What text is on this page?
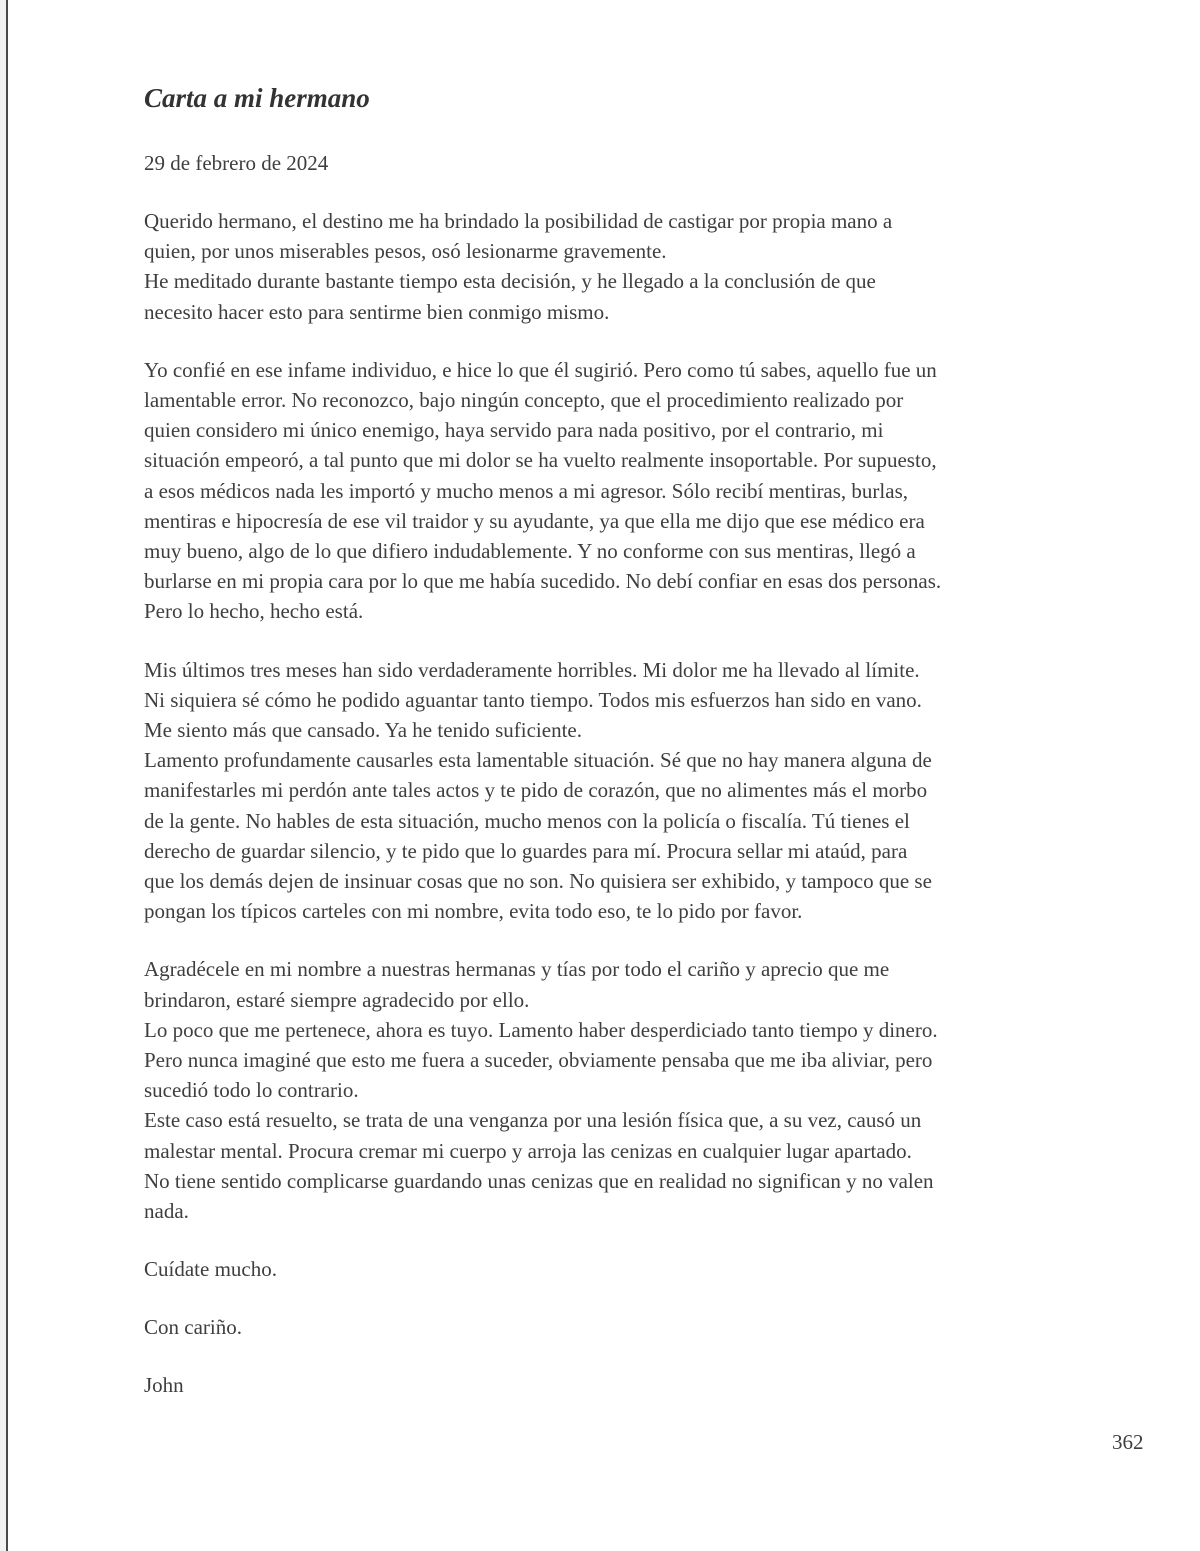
Carta a mi hermano
29 de febrero de 2024
Querido hermano, el destino me ha brindado la posibilidad de castigar por propia mano a
quien, por unos miserables pesos, osó lesionarme gravemente.
He meditado durante bastante tiempo esta decisión, y he llegado a la conclusión de que
necesito hacer esto para sentirme bien conmigo mismo.
Yo confié en ese infame individuo, e hice lo que él sugirió. Pero como tú sabes, aquello fue un
lamentable error. No reconozco, bajo ningún concepto, que el procedimiento realizado por
quien considero mi único enemigo, haya servido para nada positivo, por el contrario, mi
situación empeoró, a tal punto que mi dolor se ha vuelto realmente insoportable. Por supuesto,
a esos médicos nada les importó y mucho menos a mi agresor. Sólo recibí mentiras, burlas,
mentiras e hipocresía de ese vil traidor y su ayudante, ya que ella me dijo que ese médico era
muy bueno, algo de lo que difiero indudablemente. Y no conforme con sus mentiras, llegó a
burlarse en mi propia cara por lo que me había sucedido. No debí confiar en esas dos personas.
Pero lo hecho, hecho está.
Mis últimos tres meses han sido verdaderamente horribles. Mi dolor me ha llevado al límite.
Ni siquiera sé cómo he podido aguantar tanto tiempo. Todos mis esfuerzos han sido en vano.
Me siento más que cansado. Ya he tenido suficiente.
Lamento profundamente causarles esta lamentable situación. Sé que no hay manera alguna de
manifestarles mi perdón ante tales actos y te pido de corazón, que no alimentes más el morbo
de la gente. No hables de esta situación, mucho menos con la policía o fiscalía. Tú tienes el
derecho de guardar silencio, y te pido que lo guardes para mí. Procura sellar mi ataúd, para
que los demás dejen de insinuar cosas que no son. No quisiera ser exhibido, y tampoco que se
pongan los típicos carteles con mi nombre, evita todo eso, te lo pido por favor.
Agradécele en mi nombre a nuestras hermanas y tías por todo el cariño y aprecio que me
brindaron, estaré siempre agradecido por ello.
Lo poco que me pertenece, ahora es tuyo. Lamento haber desperdiciado tanto tiempo y dinero.
Pero nunca imaginé que esto me fuera a suceder, obviamente pensaba que me iba aliviar, pero
sucedió todo lo contrario.
Este caso está resuelto, se trata de una venganza por una lesión física que, a su vez, causó un
malestar mental. Procura cremar mi cuerpo y arroja las cenizas en cualquier lugar apartado.
No tiene sentido complicarse guardando unas cenizas que en realidad no significan y no valen
nada.
Cuídate mucho.
Con cariño.
John
362
